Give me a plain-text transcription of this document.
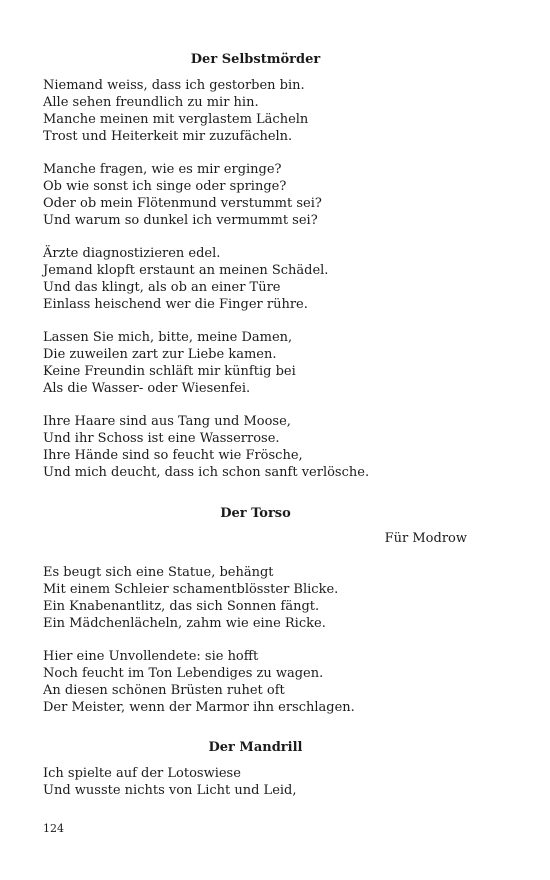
Der Selbstmörder
Niemand weiss, dass ich gestorben bin.
Alle sehen freundlich zu mir hin.
Manche meinen mit verglastem Lächeln
Trost und Heiterkeit mir zuzufächeln.
Manche fragen, wie es mir erginge?
Ob wie sonst ich singe oder springe?
Oder ob mein Flötenmund verstummt sei?
Und warum so dunkel ich vermummt sei?
Ärzte diagnostizieren edel.
Jemand klopft erstaunt an meinen Schädel.
Und das klingt, als ob an einer Türe
Einlass heischend wer die Finger rühre.
Lassen Sie mich, bitte, meine Damen,
Die zuweilen zart zur Liebe kamen.
Keine Freundin schläft mir künftig bei
Als die Wasser- oder Wiesenfei.
Ihre Haare sind aus Tang und Moose,
Und ihr Schoss ist eine Wasserrose.
Ihre Hände sind so feucht wie Frösche,
Und mich deucht, dass ich schon sanft verlösche.
Der Torso
Für Modrow
Es beugt sich eine Statue, behängt
Mit einem Schleier schamentblösster Blicke.
Ein Knabenantlitz, das sich Sonnen fängt.
Ein Mädchenlächeln, zahm wie eine Ricke.
Hier eine Unvollendete: sie hofft
Noch feucht im Ton Lebendiges zu wagen.
An diesen schönen Brüsten ruhet oft
Der Meister, wenn der Marmor ihn erschlagen.
Der Mandrill
Ich spielte auf der Lotoswiese
Und wusste nichts von Licht und Leid,
124
